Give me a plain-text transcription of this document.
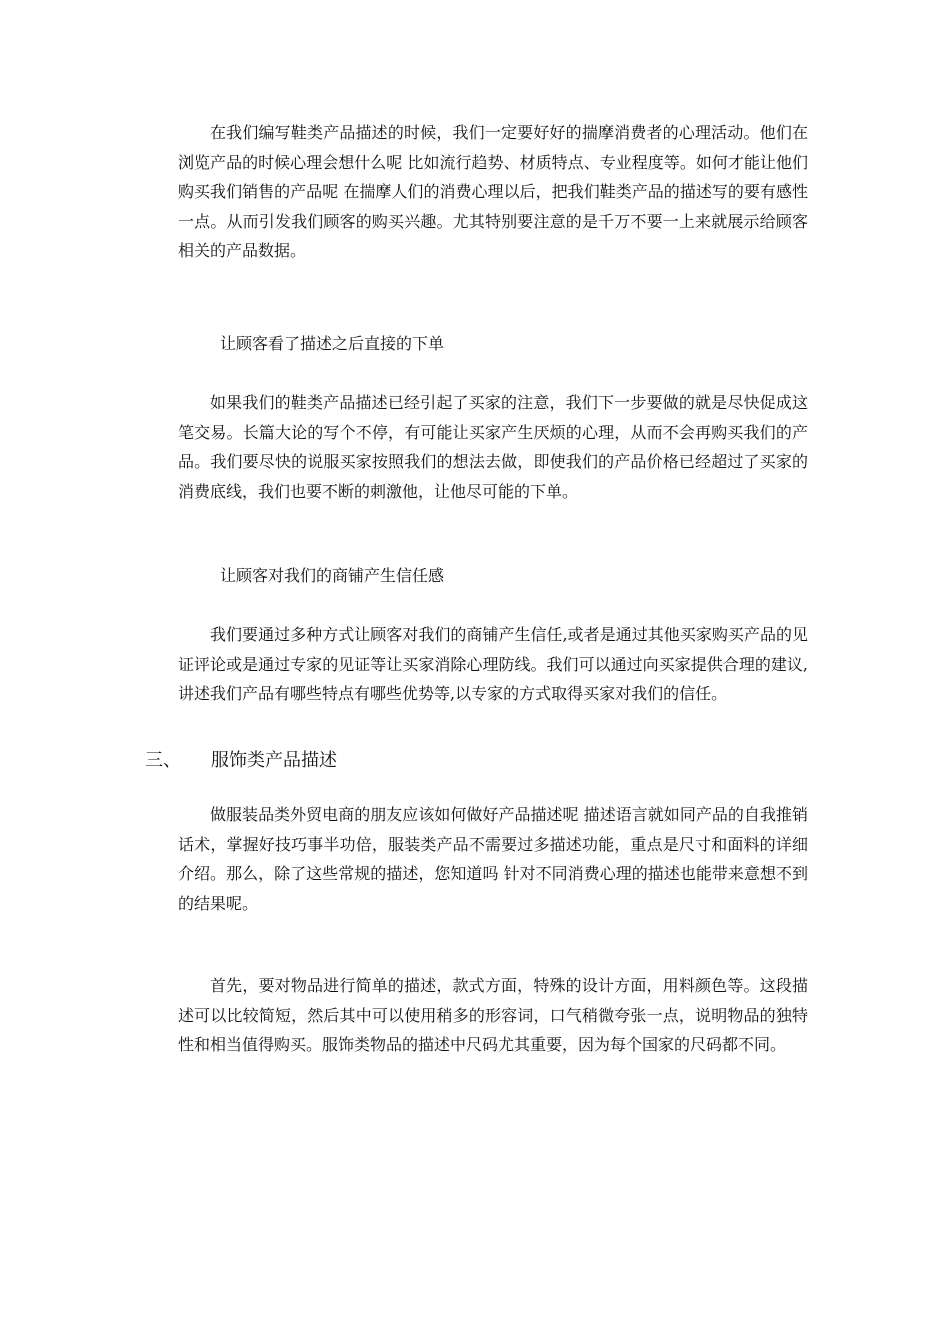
在我们编写鞋类产品描述的时候，我们一定要好好的揣摩消费者的心理活动。他们在浏览产品的时候心理会想什么呢 比如流行趋势、材质特点、专业程度等。如何才能让他们购买我们销售的产品呢 在揣摩人们的消费心理以后，把我们鞋类产品的描述写的要有感性一点。从而引发我们顾客的购买兴趣。尤其特别要注意的是千万不要一上来就展示给顾客相关的产品数据。

让顾客看了描述之后直接的下单

如果我们的鞋类产品描述已经引起了买家的注意，我们下一步要做的就是尽快促成这笔交易。长篇大论的写个不停，有可能让买家产生厌烦的心理，从而不会再购买我们的产品。我们要尽快的说服买家按照我们的想法去做，即使我们的产品价格已经超过了买家的消费底线，我们也要不断的刺激他，让他尽可能的下单。

让顾客对我们的商铺产生信任感

我们要通过多种方式让顾客对我们的商铺产生信任,或者是通过其他买家购买产品的见证评论或是通过专家的见证等让买家消除心理防线。我们可以通过向买家提供合理的建议,讲述我们产品有哪些特点有哪些优势等,以专家的方式取得买家对我们的信任。

三、 服饰类产品描述

做服装品类外贸电商的朋友应该如何做好产品描述呢 描述语言就如同产品的自我推销话术，掌握好技巧事半功倍，服装类产品不需要过多描述功能，重点是尺寸和面料的详细介绍。那么，除了这些常规的描述，您知道吗 针对不同消费心理的描述也能带来意想不到的结果呢。

首先，要对物品进行简单的描述，款式方面，特殊的设计方面，用料颜色等。这段描述可以比较简短，然后其中可以使用稍多的形容词，口气稍微夸张一点，说明物品的独特性和相当值得购买。服饰类物品的描述中尺码尤其重要，因为每个国家的尺码都不同。
